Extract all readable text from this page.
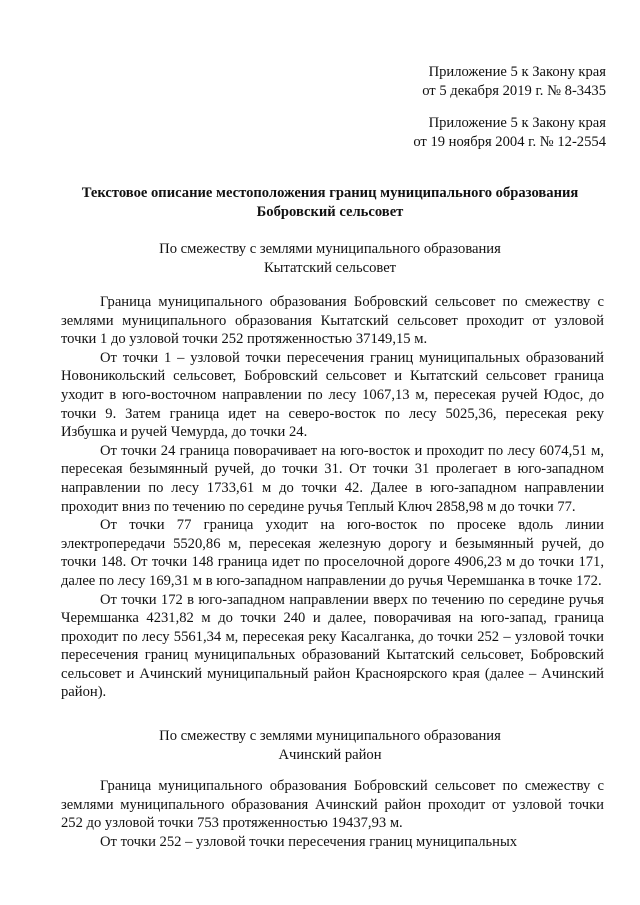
Приложение 5 к Закону края
от 5 декабря 2019 г. № 8-3435
Приложение 5 к Закону края
от 19 ноября 2004 г. № 12-2554
Текстовое описание местоположения границ муниципального образования
Бобровский сельсовет
По смежеству с землями муниципального образования
Кытатский сельсовет

Граница муниципального образования Бобровский сельсовет по смежеству с землями муниципального образования Кытатский сельсовет проходит от узловой точки 1 до узловой точки 252 протяженностью 37149,15 м.

От точки 1 – узловой точки пересечения границ муниципальных образований Новоникольский сельсовет, Бобровский сельсовет и Кытатский сельсовет граница уходит в юго-восточном направлении по лесу 1067,13 м, пересекая ручей Юдос, до точки 9. Затем граница идет на северо-восток по лесу 5025,36, пересекая реку Избушка и ручей Чемурда, до точки 24.

От точки 24 граница поворачивает на юго-восток и проходит по лесу 6074,51 м, пересекая безымянный ручей, до точки 31. От точки 31 пролегает в юго-западном направлении по лесу 1733,61 м до точки 42. Далее в юго-западном направлении проходит вниз по течению по середине ручья Теплый Ключ 2858,98 м до точки 77.

От точки 77 граница уходит на юго-восток по просеке вдоль линии электропередачи 5520,86 м, пересекая железную дорогу и безымянный ручей, до точки 148. От точки 148 граница идет по проселочной дороге 4906,23 м до точки 171, далее по лесу 169,31 м в юго-западном направлении до ручья Черемшанка в точке 172.

От точки 172 в юго-западном направлении вверх по течению по середине ручья Черемшанка 4231,82 м до точки 240 и далее, поворачивая на юго-запад, граница проходит по лесу 5561,34 м, пересекая реку Касалганка, до точки 252 – узловой точки пересечения границ муниципальных образований Кытатский сельсовет, Бобровский сельсовет и Ачинский муниципальный район Красноярского края (далее – Ачинский район).

По смежеству с землями муниципального образования
Ачинский район

Граница муниципального образования Бобровский сельсовет по смежеству с землями муниципального образования Ачинский район проходит от узловой точки 252 до узловой точки 753 протяженностью 19437,93 м.

От точки 252 – узловой точки пересечения границ муниципальных
